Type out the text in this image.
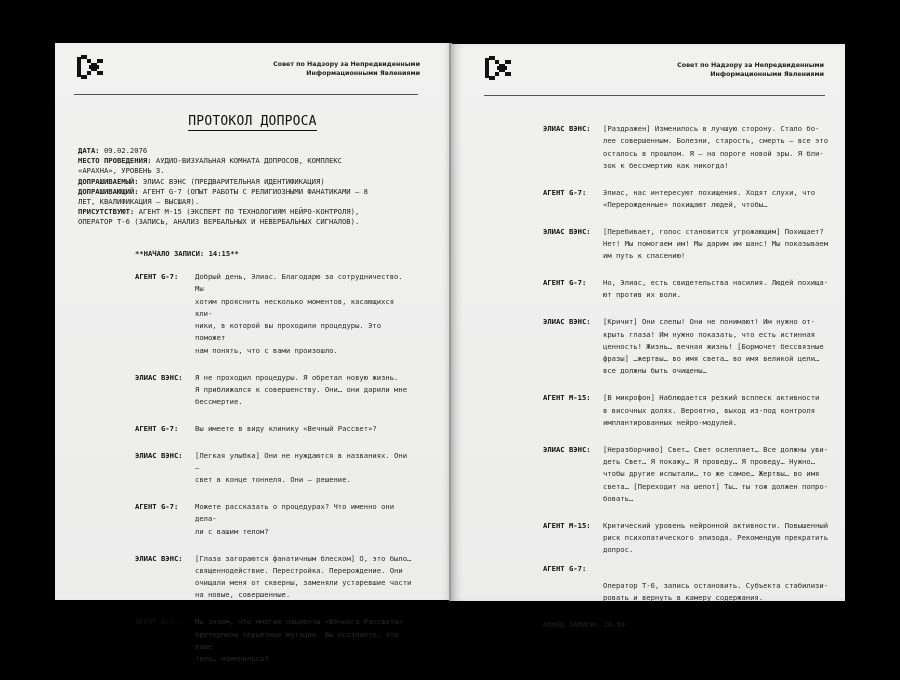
Совет по Надзору за Непредвиденными
Информационными Явлениями
ПРОТОКОЛ ДОПРОСА
ДАТА: 09.02.2076
МЕСТО ПРОВЕДЕНИЯ: АУДИО-ВИЗУАЛЬНАЯ КОМНАТА ДОПРОСОВ, КОМПЛЕКС «АРАХНА», УРОВЕНЬ 3.
ДОПРАШИВАЕМЫЙ: ЭЛИАС ВЭНС (ПРЕДВАРИТЕЛЬНАЯ ИДЕНТИФИКАЦИЯ)
ДОПРАШИВАЮЩИЙ: АГЕНТ G-7 (ОПЫТ РАБОТЫ С РЕЛИГИОЗНЫМИ ФАНАТИКАМИ – 8 ЛЕТ, КВАЛИФИКАЦИЯ – ВЫСШАЯ).
ПРИСУТСТВУЮТ: АГЕНТ М-15 (ЭКСПЕРТ ПО ТЕХНОЛОГИЯМ НЕЙРО-КОНТРОЛЯ), ОПЕРАТОР Т-6 (ЗАПИСЬ, АНАЛИЗ ВЕРБАЛЬНЫХ И НЕВЕРБАЛЬНЫХ СИГНАЛОВ).
**НАЧАЛО ЗАПИСИ: 14:15**
АГЕНТ G-7:	Добрый день, Элиас. Благодарю за сотрудничество. Мы
хотим прояснить несколько моментов, касающихся кли-
ники, в которой вы проходили процедуры. Это поможет
нам понять, что с вами произошло.
ЭЛИАС ВЭНС:	Я не проходил процедуры. Я обретал новую жизнь.
Я приближался к совершенству. Они… они дарили мне
бессмертие.
АГЕНТ G-7:	Вы имеете в виду клинику «Вечный Рассвет»?
ЭЛИАС ВЭНС:	[Легкая улыбка] Они не нуждаются в названиях. Они –
свет в конце тоннеля. Они – решение.
АГЕНТ G-7:	Можете рассказать о процедурах? Что именно они дела-
ли с вашим телом?
ЭЛИАС ВЭНС:	[Глаза загораются фанатичным блеском] О, это было…
священнодействие. Перестройка. Перерождение. Они
очищали меня от скверны, заменяли устаревшие части
на новые, совершенные.
АГЕНТ G-7:	Мы знаем, что многие пациенты «Вечного Рассвета»
претерпели серьезные мутации. Вы осознаете, что ваше
тело… изменилось?
Совет по Надзору за Непредвиденными
Информационными Явлениями
ЭЛИАС ВЭНС:	[Раздражен] Изменилось в лучшую сторону. Стало бо-
лее совершенным. Болезни, старость, смерть – все это
осталось в прошлом. Я – на пороге новой эры. Я бли-
зок к бессмертию как никогда!
АГЕНТ G-7:	Элиас, нас интересуют похищения. Ходят слухи, что
«Перерожденные» похищают людей, чтобы…
ЭЛИАС ВЭНС:	[Перебивает, голос становится угрожающим] Похищает?
Нет! Мы помогаем им! Мы дарим им шанс! Мы показываем
им путь к спасению!
АГЕНТ G-7:	Но, Элиас, есть свидетельства насилия. Людей похища-
ют против их воли.
ЭЛИАС ВЭНС:	[Кричит] Они слепы! Они не понимают! Им нужно от-
крыть глаза! Им нужно показать, что есть истинная
ценность! Жизнь… вечная жизнь! [Бормочет бессвязные
фразы] …жертвы… во имя света… во имя великой цели…
все должны быть очищены…
АГЕНТ М-15:	[В микрофон] Наблюдается резкий всплеск активности
в височных долях. Вероятно, выход из-под контроля
имплантированных нейро-модулей.
ЭЛИАС ВЭНС:	[Неразборчиво] Свет… Свет ослепляет… Все должны уви-
деть Свет… Я покажу… Я проведу… Я проведу… Нужно…
чтобы другие испытали… то же самое… Жертвы… во имя
света… [Переходит на шепот] Ты… ты тож должен попро-
бовать…
АГЕНТ М-15:	Критический уровень нейронной активности. Повышенный
риск психопатического эпизода. Рекомендую прекратить
допрос.
АГЕНТ G-7:
Оператор Т-6, запись остановить. Субъекта стабилизи-
ровать и вернуть в камеру содержания.
КОНЕЦ ЗАПИСИ: 14:58
